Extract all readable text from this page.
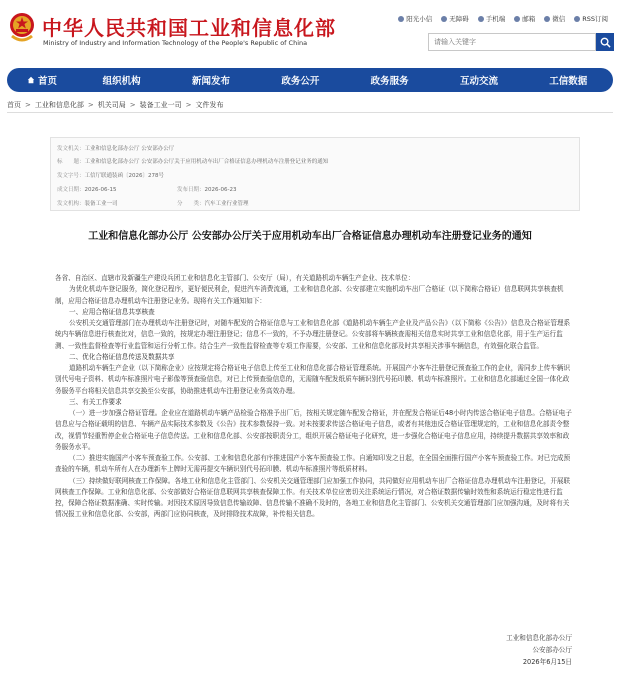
中华人民共和国工业和信息化部
Ministry of Industry and Information Technology of the People's Republic of China
阳光小信	无障碍	手机端	邮箱	微信	RSS订阅
请输入关键字
首页	组织机构	新闻发布	政务公开	政务服务	互动交流	工信数据
首页 > 工业和信息化部 > 机关司局 > 装备工业一司 > 文件发布
发文机关：工业和信息化部办公厅 公安部办公厅
标　　题：工业和信息化部办公厅 公安部办公厅关于应用机动车出厂合格证信息办理机动车注册登记业务的通知
发文字号：工信厅联通装函〔2026〕278号
成文日期：2026-06-15	发布日期：2026-06-23
发文机构：装备工业一司	分　　类：汽车工业行业管理
工业和信息化部办公厅 公安部办公厅关于应用机动车出厂合格证信息办理机动车注册登记业务的通知

各省、自治区、直辖市及新疆生产建设兵团工业和信息化主管部门、公安厅（局），有关道路机动车辆生产企业、技术单位：

为优化机动车登记服务，简化登记程序，更好便民利企，促进汽车消费流通，工业和信息化部、公安部建立实施机动车出厂合格证（以下简称合格证）信息联网共享核查机制，应用合格证信息办理机动车注册登记业务。现将有关工作通知如下：

一、应用合格证信息共享核查

公安机关交通管理部门在办理机动车注册登记时，对随车配发的合格证信息与工业和信息化部《道路机动车辆生产企业及产品公告》（以下简称《公告》）信息及合格证管理系统内车辆信息进行核查比对，信息一致的，按规定办理注册登记；信息不一致的，不予办理注册登记。公安部将车辆核查需相关信息实时共享工业和信息化部，用于生产运行监测、一致性监督检查等行业监管和运行分析工作。结合生产一致性监督检查等专项工作需要，公安部、工业和信息化部及时共享相关涉事车辆信息，有效强化联合监管。

二、优化合格证信息传送及数据共享

道路机动车辆生产企业（以下简称企业）应按规定将合格证电子信息上传至工业和信息化部合格证管理系统。开展国产小客车注册登记预查验工作的企业，需同步上传车辆识别代号电子资料、机动车标准照片电子影像等预查验信息，对已上传预查验信息的，无需随车配发纸质车辆识别代号拓印膜、机动车标准照片。工业和信息化部通过全国一体化政务服务平台将相关信息共享交换至公安部，协助推进机动车注册登记业务高效办理。

三、有关工作要求

（一）进一步加强合格证管理。企业应在道路机动车辆产品检验合格准予出厂后，按相关规定随车配发合格证，并在配发合格证后48小时内传送合格证电子信息。合格证电子信息应与合格证载明的信息、车辆产品实际技术参数及《公告》技术参数保持一致。对未按要求传送合格证电子信息，或者有其他违反合格证管理规定的，工业和信息化部责令整改，视情节轻重暂停企业合格证电子信息传送。工业和信息化部、公安部按职责分工，组织开展合格证电子化研究，进一步强化合格证电子信息应用，持续提升数据共享效率和政务服务水平。

（二）推进实施国产小客车预查验工作。公安部、工业和信息化部有序推进国产小客车预查验工作。自通知印发之日起，在全国全面推行国产小客车预查验工作。对已完成预查验的车辆，机动车所有人在办理新车上牌时无需再提交车辆识别代号拓印膜、机动车标准照片等纸质材料。

（三）持续做好联网核查工作保障。各地工业和信息化主管部门、公安机关交通管理部门应加强工作协同，共同做好应用机动车出厂合格证信息办理机动车注册登记，开展联网核查工作保障。工业和信息化部、公安部做好合格证信息联网共享核查保障工作。有关技术单位应密切关注系统运行情况，对合格证数据传输时效性和系统运行稳定性进行监控，保障合格证数据准确、实时传输。对因技术原因导致信息传输故障、信息传输不准确不及时的，各地工业和信息化主管部门、公安机关交通管理部门应加强沟通，及时将有关情况报工业和信息化部、公安部，两部门应协同核查，及时排除技术故障，补传相关信息。

工业和信息化部办公厅
公安部办公厅
2026年6月15日
